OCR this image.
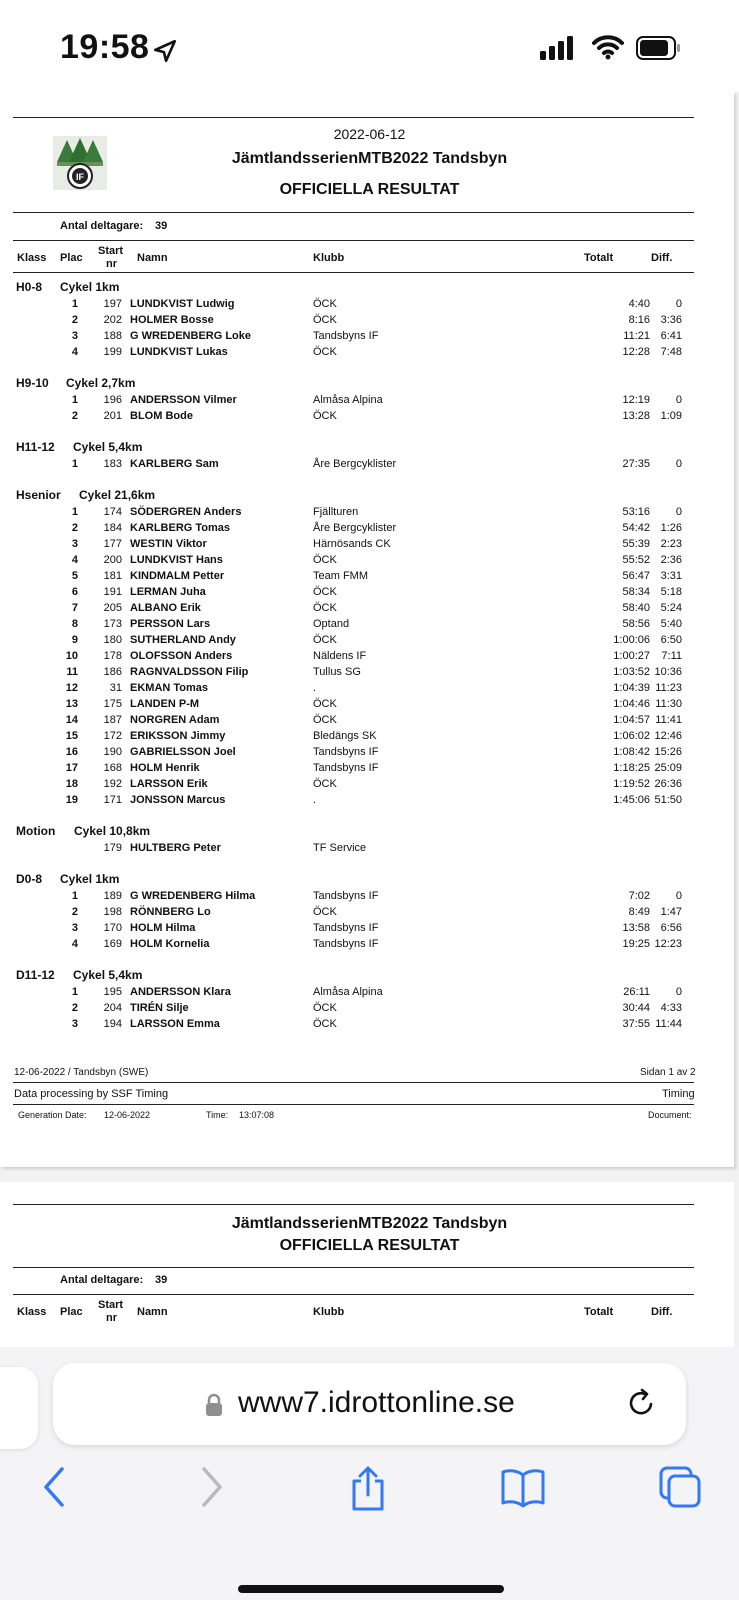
19:58
IF
2022-06-12
JämtlandsserienMTB2022 Tandsbyn
OFFICIELLA RESULTAT
Antal deltagare: 39
Klass Plac
Start
nr Namn	Klubb	Totalt	Diff.
H0-8 Cykel 1km
1	197 LUNDKVIST Ludwig	ÖCK	4:40	0
2	202 HOLMER Bosse	ÖCK	8:16 3:36
3	188 G WREDENBERG Loke	Tandsbyns IF	11:21 6:41
4	199 LUNDKVIST Lukas	ÖCK	12:28 7:48
H9-10 Cykel 2,7km
1	196 ANDERSSON Vilmer	Almåsa Alpina	12:19	0
2	201 BLOM Bode	ÖCK	13:28 1:09
H11-12 Cykel 5,4km
1	183 KARLBERG Sam	Åre Bergcyklister	27:35	0
Hsenior Cykel 21,6km
1	174 SÖDERGREN Anders	Fjällturen	53:16	0
2	184 KARLBERG Tomas	Åre Bergcyklister	54:42 1:26
3	177 WESTIN Viktor	Härnösands CK	55:39 2:23
4	200 LUNDKVIST Hans	ÖCK	55:52 2:36
5	181 KINDMALM Petter	Team FMM	56:47 3:31
6	191 LERMAN Juha	ÖCK	58:34 5:18
7	205 ALBANO Erik	ÖCK	58:40 5:24
8	173 PERSSON Lars	Optand	58:56 5:40
9	180 SUTHERLAND Andy	ÖCK	1:00:06 6:50
10	178 OLOFSSON Anders	Näldens IF	1:00:27	7:11
11	186 RAGNVALDSSON Filip	Tullus SG	1:03:52 10:36
12	31 EKMAN Tomas	.	1:04:39 11:23
13	175 LANDEN P-M	ÖCK	1:04:46 11:30
14	187 NORGREN Adam	ÖCK	1:04:57 11:41
15	172 ERIKSSON Jimmy	Bledängs SK	1:06:02 12:46
16	190 GABRIELSSON Joel	Tandsbyns IF	1:08:42 15:26
17	168 HOLM Henrik	Tandsbyns IF	1:18:25 25:09
18	192 LARSSON Erik	ÖCK	1:19:52 26:36
19	171 JONSSON Marcus	.	1:45:06 51:50
Motion Cykel 10,8km
179 HULTBERG Peter	TF Service
D0-8 Cykel 1km
1	189 G WREDENBERG Hilma	Tandsbyns IF	7:02	0
2	198 RÖNNBERG Lo	ÖCK	8:49 1:47
3	170 HOLM Hilma	Tandsbyns IF	13:58 6:56
4	169 HOLM Kornelia	Tandsbyns IF	19:25 12:23
D11-12 Cykel 5,4km
1	195 ANDERSSON Klara	Almåsa Alpina	26:11	0
2	204 TIRÉN Silje	ÖCK	30:44 4:33
3	194 LARSSON Emma	ÖCK	37:55 11:44
12-06-2022 / Tandsbyn (SWE)	Sidan 1 av 2
Data processing by SSF Timing	Timing
Generation Date: 12-06-2022	Time: 13:07:08	Document:
JämtlandsserienMTB2022 Tandsbyn
OFFICIELLA RESULTAT
Antal deltagare: 39
Klass Plac
Start
nr Namn	Klubb	Totalt	Diff.
www7.idrottonline.se
